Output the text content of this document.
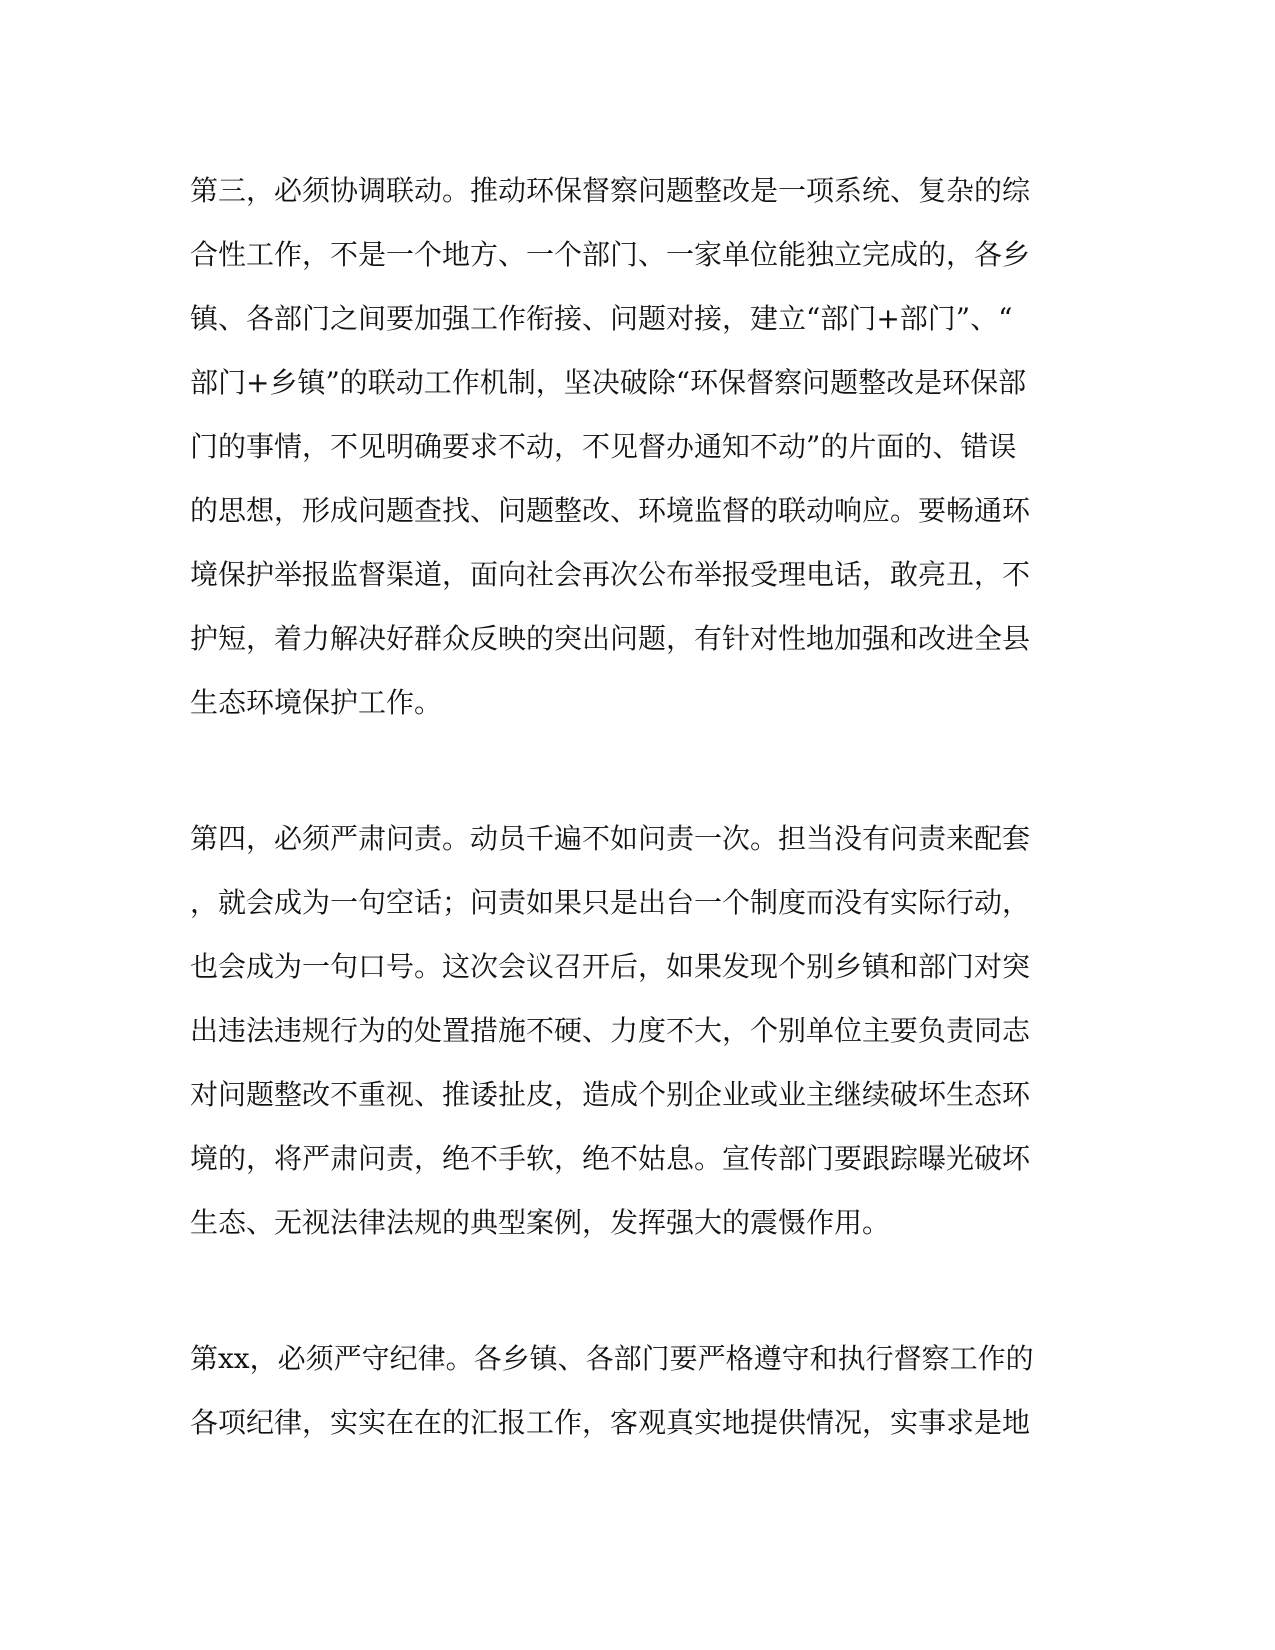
第三，必须协调联动。推动环保督察问题整改是一项系统、复杂的综
合性工作，不是一个地方、一个部门、一家单位能独立完成的，各乡
镇、各部门之间要加强工作衔接、问题对接，建立“部门+部门”、“
部门+乡镇”的联动工作机制，坚决破除“环保督察问题整改是环保部
门的事情，不见明确要求不动，不见督办通知不动”的片面的、错误
的思想，形成问题查找、问题整改、环境监督的联动响应。要畅通环
境保护举报监督渠道，面向社会再次公布举报受理电话，敢亮丑，不
护短，着力解决好群众反映的突出问题，有针对性地加强和改进全县
生态环境保护工作。

第四，必须严肃问责。动员千遍不如问责一次。担当没有问责来配套
，就会成为一句空话；问责如果只是出台一个制度而没有实际行动，
也会成为一句口号。这次会议召开后，如果发现个别乡镇和部门对突
出违法违规行为的处置措施不硬、力度不大，个别单位主要负责同志
对问题整改不重视、推诿扯皮，造成个别企业或业主继续破坏生态环
境的，将严肃问责，绝不手软，绝不姑息。宣传部门要跟踪曝光破坏
生态、无视法律法规的典型案例，发挥强大的震慑作用。

第xx，必须严守纪律。各乡镇、各部门要严格遵守和执行督察工作的
各项纪律，实实在在的汇报工作，客观真实地提供情况，实事求是地
